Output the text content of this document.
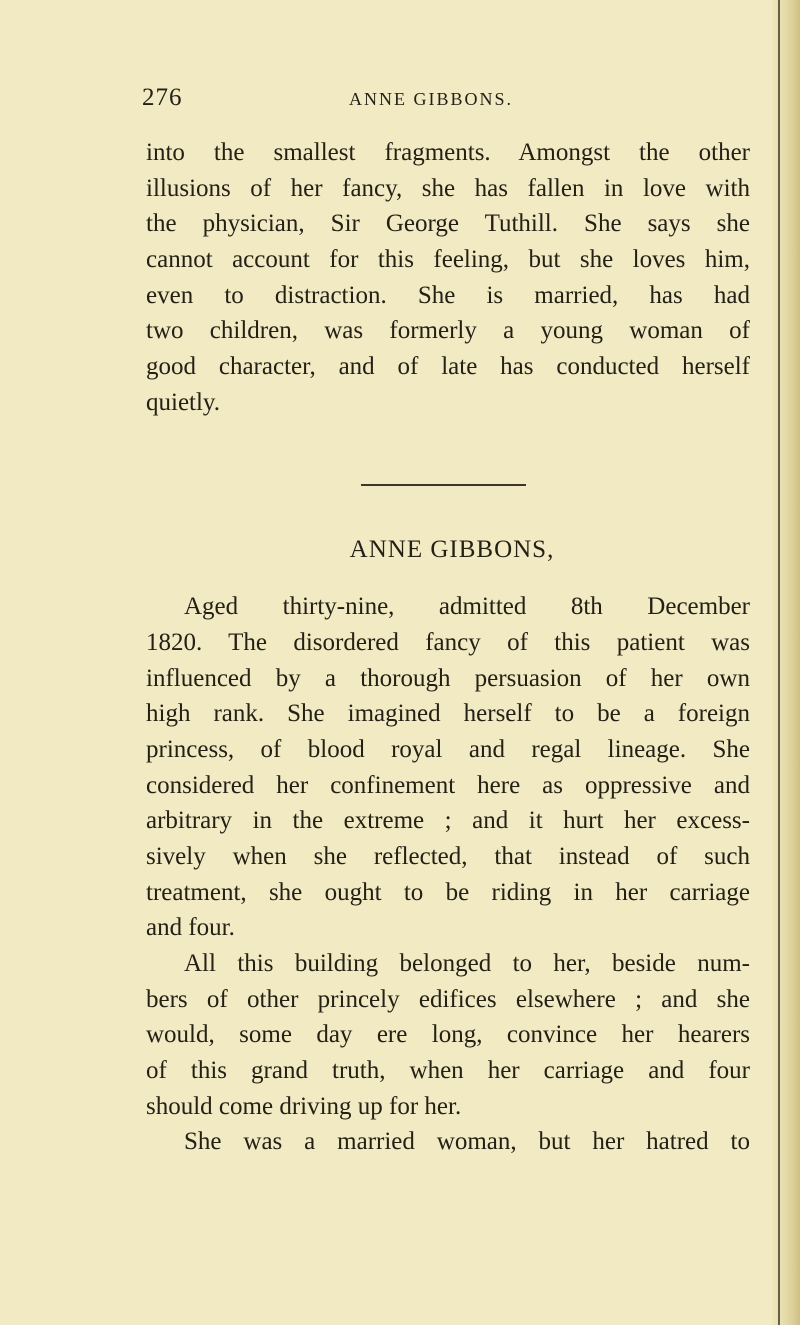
276	ANNE GIBBONS.
into the smallest fragments. Amongst the other
illusions of her fancy, she has fallen in love with
the physician, Sir George Tuthill. She says she
cannot account for this feeling, but she loves him,
even to distraction. She is married, has had
two children, was formerly a young woman of
good character, and of late has conducted herself
quietly.
ANNE GIBBONS,
Aged thirty-nine, admitted 8th December
1820. The disordered fancy of this patient was
influenced by a thorough persuasion of her own
high rank. She imagined herself to be a foreign
princess, of blood royal and regal lineage. She
considered her confinement here as oppressive and
arbitrary in the extreme ; and it hurt her excess-
sively when she reflected, that instead of such
treatment, she ought to be riding in her carriage
and four.
All this building belonged to her, beside num-
bers of other princely edifices elsewhere ; and she
would, some day ere long, convince her hearers
of this grand truth, when her carriage and four
should come driving up for her.
She was a married woman, but her hatred to
